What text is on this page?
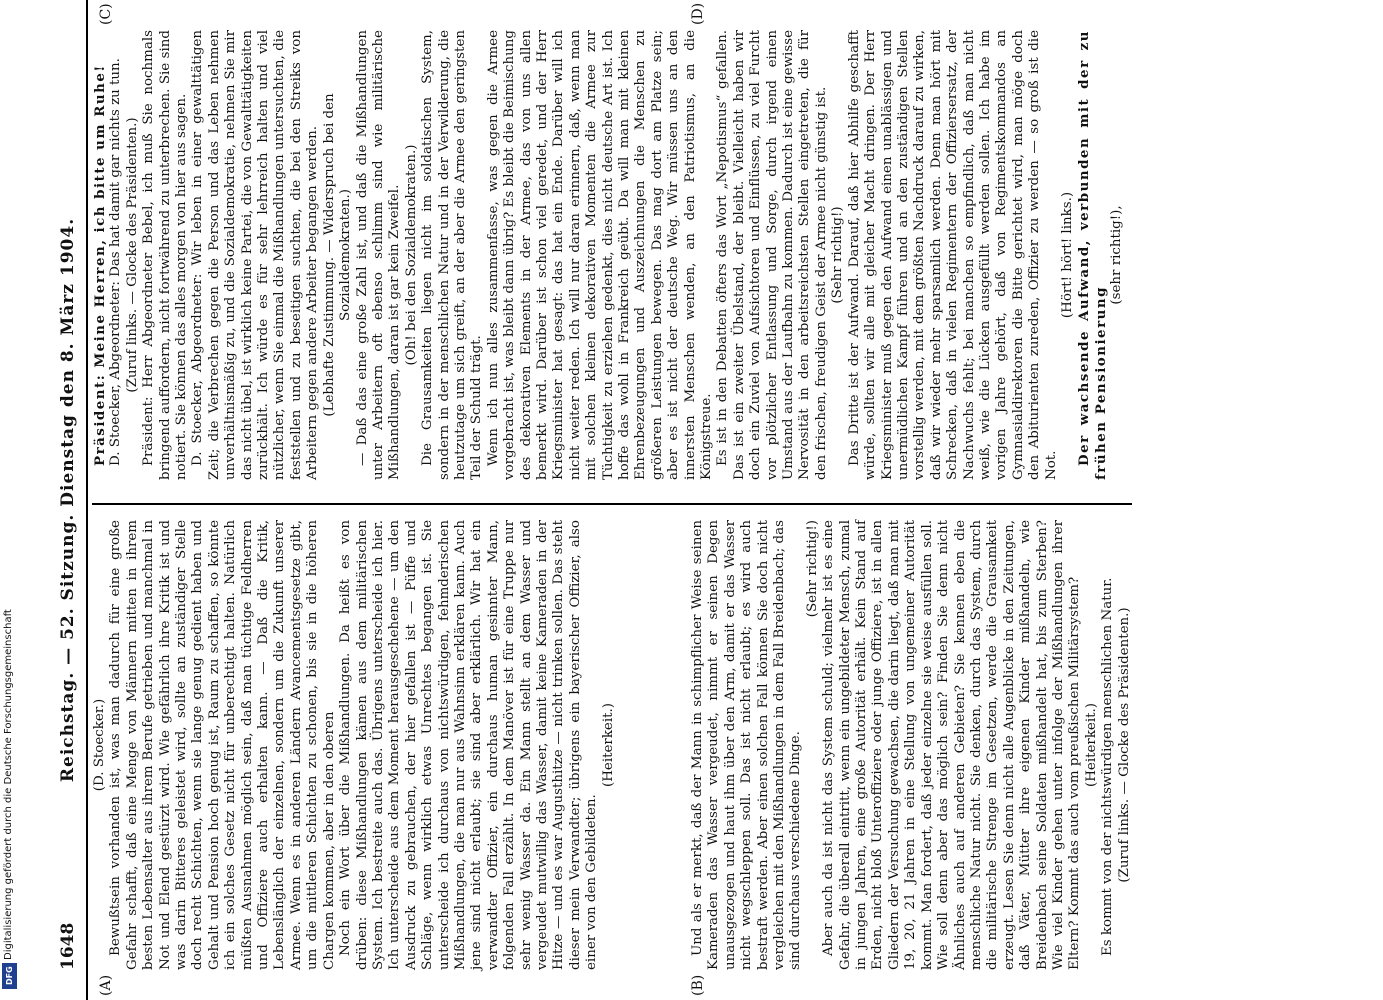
Digitalisierung gefördert durch die Deutsche Forschungsgemeinschaft
DFG
1648
Reichstag. — 52. Sitzung. Dienstag den 8. März 1904.
(A)	(B)
(C)	(D)

(D. Stoecker.) Bewußtsein vorhanden ist, was man dadurch für eine große Gefahr schafft, daß eine Menge von Männern mitten in ihrem besten Lebensalter aus ihrem Berufe getrieben und manchmal in Not und Elend gestürzt wird. Wie gefährlich ihre Kritik ist und was darin Bitteres geleistet wird, sollte an zuständiger Stelle doch recht Schichten, wenn sie lange genug gedient haben und Gehalt und Pension hoch genug ist, Raum zu schaffen, so könnte ich ein solches Gesetz nicht für unberechtigt halten. Natürlich müßten Ausnahmen möglich sein, daß man tüchtige Feldherren und Offiziere auch erhalten kann. — Daß die Kritik, Lebenslänglich der einzelnen, sondern um die Zukunft unserer Armee. Wenn es in anderen Ländern Avancementsgesetze gibt, um die mittleren Schichten zu schonen, bis sie in die höheren Chargen kommen, aber in den oberen Noch ein Wort über die Mißhandlungen. Da heißt es von drüben: diese Mißhandlungen kämen aus dem militärischen System. Ich bestreite auch das. Übrigens unterscheide ich hier. Ich unterscheide aus dem Moment herausgeschehene — um den Ausdruck zu gebrauchen, der hier gefallen ist — Püffe und Schläge, wenn wirklich etwas Unrechtes begangen ist. Sie unterscheide ich durchaus von nichtswürdigen, fehmderischen Mißhandlungen, die man nur aus Wahnsinn erklären kann. Auch jene sind nicht erlaubt; sie sind aber erklärlich. Wir hat ein verwandter Offizier, ein durchaus human gesinnter Mann, folgenden Fall erzählt. In dem Manöver ist für eine Truppe nur sehr wenig Wasser da. Ein Mann stellt an dem Wasser und vergeudet mutwillig das Wasser, damit keine Kameraden in der Hitze — und es war Augusthitze — nicht trinken sollen. Das steht dieser mein Verwandter; übrigens ein bayerischer Offizier, also einer von den Gebildeten.

(Heiterkeit.)	Und als er merkt, daß der Mann in schimpflicher Weise seinen Kameraden das Wasser vergeudet, nimmt er seinen Degen unausgezogen und haut ihm über den Arm, damit er das Wasser nicht wegschleppen soll. Das ist nicht erlaubt; es wird auch bestraft werden. Aber einen solchen Fall können Sie doch nicht vergleichen mit den Mißhandlungen in dem Fall Breidenbach; das sind durchaus verschiedene Dinge.

(Sehr richtig!) Aber auch da ist nicht das System schuld; vielmehr ist es eine Gefahr, die überall eintritt, wenn ein ungebildeter Mensch, zumal in jungen Jahren, eine große Autorität erhält. Kein Stand auf Erden, nicht bloß Unteroffiziere oder junge Offiziere, ist in allen Gliedern der Versuchung gewachsen, die darin liegt, daß man mit 19, 20, 21 Jahren in eine Stellung von ungemeiner Autorität kommt. Man fordert, daß jeder einzelne sie weise ausfüllen soll. Wie soll denn aber das möglich sein? Finden Sie denn nicht Ähnliches auch auf anderen Gebieten? Sie kennen eben die menschliche Natur nicht. Sie denken, durch das System, durch die militärische Strenge im Gesetzen, werde die Grausamkeit erzeugt. Lesen Sie denn nicht alle Augenblicke in den Zeitungen, daß Väter, Mütter ihre eigenen Kinder mißhandeln, wie Breidenbach seine Soldaten mißhandelt hat, bis zum Sterben? Wie viel Kinder gehen unter infolge der Mißhandlungen ihrer Eltern? Kommt das auch vom preußischen Militärsystem? (Heiterkeit.) Es kommt von der nichtswürdigen menschlichen Natur. (Zuruf links. — Glocke des Präsidenten.)

Präsident: Meine Herren, ich bitte um Ruhe! D. Stoecker, Abgeordneter: Das hat damit gar nichts zu tun. (Zuruf links. — Glocke des Präsidenten.) Präsident: Herr Abgeordneter Bebel, ich muß Sie nochmals bringend auffordern, nicht fortwährend zu unterbrechen. Sie sind notiert. Sie können das alles morgen von hier aus sagen. D. Stoecker, Abgeordneter: Wir leben in einer gewalttätigen Zeit; die Verbrechen gegen die Person und das Leben nehmen unverhältnismäßig zu, und die Sozialdemokratie, nehmen Sie mir das nicht übel, ist wirklich keine Partei, die von Gewalttätigkeiten zurückhält. Ich würde es für sehr lehrreich halten und viel nützlicher, wenn Sie einmal die Mißhandlungen untersuchten, die feststellen und zu beseitigen suchten, die bei den Streiks von Arbeitern gegen andere Arbeiter begangen werden. (Lebhafte Zustimmung. — Widerspruch bei den Sozialdemokraten.) — Daß das eine große Zahl ist, und daß die Mißhandlungen unter Arbeitern oft ebenso schlimm sind wie militärische Mißhandlungen, daran ist gar kein Zweifel. (Oh! bei den Sozialdemokraten.) Die Grausamkeiten liegen nicht im soldatischen System, sondern in der menschlichen Natur und in der Verwilderung, die heutzutage um sich greift, an der aber die Armee den geringsten Teil der Schuld trägt. Wenn ich nun alles zusammenfasse, was gegen die Armee vorgebracht ist, was bleibt dann übrig? Es bleibt die Beimischung des dekorativen Elements in der Armee, das von uns allen bemerkt wird. Darüber ist schon viel geredet, und der Herr Kriegsminister hat gesagt: das hat ein Ende. Darüber will ich nicht weiter reden. Ich will nur daran erinnern, daß, wenn man mit solchen kleinen dekorativen Momenten die Armee zur Tüchtigkeit zu erziehen gedenkt, dies nicht deutsche Art ist. Ich hoffe das wohl in Frankreich geübt. Da will man mit kleinen Ehrenbezeugungen und Auszeichnungen die Menschen zu größeren Leistungen bewegen. Das mag dort am Platze sein; aber es ist nicht der deutsche Weg. Wir müssen uns an den innersten Menschen wenden, an den Patriotismus, an die Königstreue. Es ist in den Debatten öfters das Wort „Nepotismus“ gefallen. Das ist ein zweiter Übelstand, der bleibt. Vielleicht haben wir doch ein Zuviel von Aufsichtoren und Einflüssen, zu viel Furcht vor plötzlicher Entlassung und Sorge, durch irgend einen Umstand aus der Laufbahn zu kommen. Dadurch ist eine gewisse Nervosität in den arbeitsreichsten Stellen eingetreten, die für den frischen, freudigen Geist der Armee nicht günstig ist. (Sehr richtig!) Das Dritte ist der Aufwand. Darauf, daß hier Abhilfe geschafft würde, sollten wir alle mit gleicher Macht dringen. Der Herr Kriegsminister muß gegen den Aufwand einen unablässigen und unermüdlichen Kampf führen und an den zuständigen Stellen vorstellig werden, mit dem größten Nachdruck darauf zu wirken, daß wir wieder mehr sparsamlich werden. Denn man hört mit Schrecken, daß in vielen Regimentern der Offiziersersatz, der Nachwuchs fehlt; bei manchen so empfindlich, daß man nicht weiß, wie die Lücken ausgefüllt werden sollen. Ich habe im vorigen Jahre gehört, daß von Regimentskommandos an Gymnasialdirektoren die Bitte gerichtet wird, man möge doch den Abiturienten zureden, Offizier zu werden — so groß ist die Not.

(Hört! hört! links.) Der wachsende Aufwand, verbunden mit der zu frühen Pensionierung

(sehr richtig!),
